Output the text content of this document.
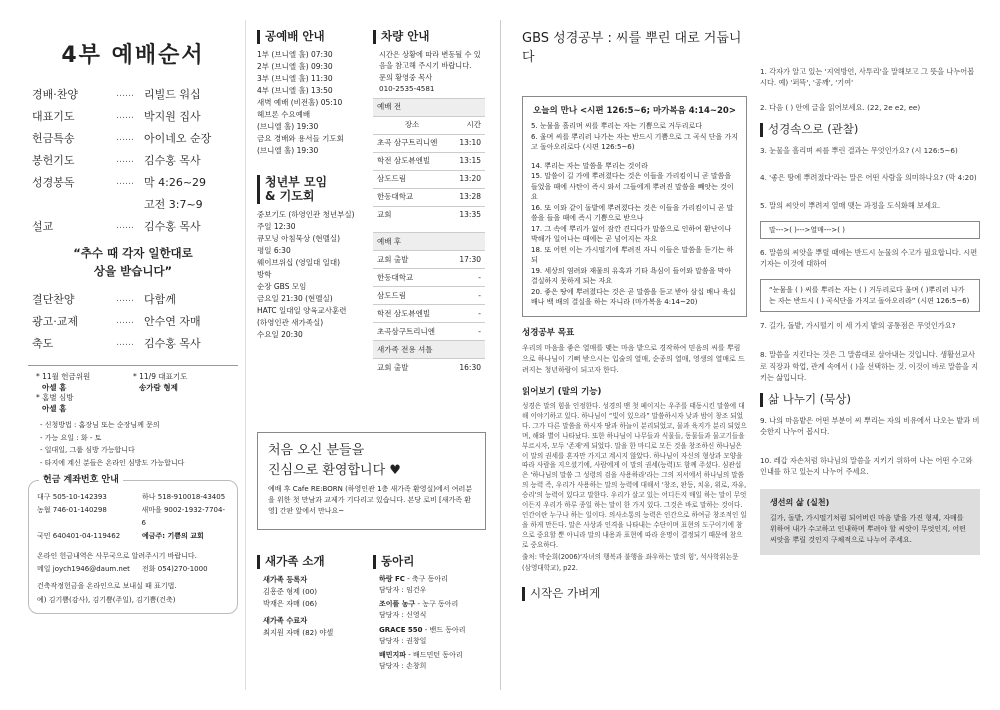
4부 예배순서
경배·찬양	…… 리빌드 워십
대표기도	…… 박지원 집사
헌금특송	…… 아이네오 순장
봉헌기도	…… 김수홍 목사
성경봉독	…… 막 4:26~29
고전 3:7~9
설교	…… 김수홍 목사
“추수 때 각자 일한대로
상을 받습니다”
결단찬양	…… 다함께
광고·교제	…… 안수연 자매
축도	…… 김수홍 목사
* 11월 헌금위원
아셀 홈
* 11/9 대표기도
송가람 형제
* 홈별 심방
아셀 홈
- 신청방법 : 홈장님 또는 순장님께 문의
- 가능 요일 : 화 - 토
- 일대일, 그룹 심방 가능합니다
- 타지에 계신 분들은 온라인 심방도 가능합니다
헌금 계좌번호 안내
대구 505-10-142393	하나 518-910018-43405
농협 746-01-140298	새마을 9002-1932-7704-6
국민 640401-04-119462	예금주: 기쁨의 교회
온라인 헌금내역은 사무국으로 알려주시기 바랍니다.
메일 joych1946@daum.net	전화 054)270-1000
건축작정헌금을 온라인으로 보내실 때 표기법.
예) 김기쁨(감사), 김기쁨(주일), 김기쁨(건축)
공예배 안내
1부 (브니엘 홀) 07:30
2부 (브니엘 홀) 09:30
3부 (브니엘 홀) 11:30
4부 (브니엘 홀) 13:50
새벽 예배 (비전홀) 05:10
헤브론 수요예배
(브니엘 홀) 19:30
금요 경배와 용서들 기도회
(브니엘 홀) 19:30
청년부 모임
& 기도회
중보기도 (하영인관 청년부실)
주일 12:30
큐모닝 아침묵상 (현멜실)
평일 6:30
웨이브위십 (영일대 일대)
방학
순장 GBS 모임
금요일 21:30 (현멜실)
HATC 일대일 양육교사훈련
(하영인관 새가족실)
수요일 20:30
차량 안내
시간은 상황에 따라 변동될 수 있음을 참고해 주시기 바랍니다.
문의 황영중 목사
010-2535-4581
예배 전	
장소	시간
초곡 삼구트리니엔	13:10
학전 삼도뷰엔빌	13:15
삼도드림	13:20
한동대학교	13:28
교회	13:35
예배 후	
교회 출발	17:30
한동대학교	-
삼도드림	-
학전 삼도뷰엔빌	-
초곡삼구트리니엔	-
새가족 전용 셔틀	
교회 출발	16:30
처음 오신 분들을
진심으로 환영합니다 ♥
예배 후 Cafe RE:BORN (하영인관 1층 새가족 환영실)에서 여러분을 위한 첫 만남과 교제가 기다리고 있습니다. 본당 로비 [새가족 환영] 간판 앞에서 만나요~
새가족 소개
새가족 등록자
김흥준 형제 (00)
박재은 자매 (06)
새가족 수료자
최지원 자매 (82) 야셀
동아리
하랑 FC - 축구 동아리
담당자 : 임건우
조이풀 농구 - 농구 동아리
담당자 : 신영식
GRACE 550 - 밴드 동아리
담당자 : 권창일
배민지파 - 배드민턴 동아리
담당자 : 손창희
GBS 성경공부 : 씨를 뿌린 대로 거둡니다
오늘의 만나 <시편 126:5~6; 마가복음 4:14~20>
5. 눈물을 흘리며 씨를 뿌리는 자는 기쁨으로 거두리로다
6. 울며 씨를 뿌리러 나가는 자는 반드시 기쁨으로 그 곡식 단을 가지고 돌아오리로다 (시편 126:5~6)
14. 뿌리는 자는 말씀을 뿌리는 것이라
15. 말씀이 길 가에 뿌려졌다는 것은 이들을 가리킴이니 곧 말씀을 들었을 때에 사탄이 즉시 와서 그들에게 뿌려진 말씀을 빼앗는 것이요
16. 또 이와 같이 돌밭에 뿌려졌다는 것은 이들을 가리킴이니 곧 말씀을 들을 때에 즉시 기쁨으로 받으나
17. 그 속에 뿌리가 없어 잠깐 견디다가 말씀으로 인하여 환난이나 박해가 일어나는 때에는 곧 넘어지는 자요
18. 또 어떤 이는 가시떨기에 뿌려진 자니 이들은 말씀을 듣기는 하되
19. 세상의 염려와 재물의 유혹과 기타 욕심이 들어와 말씀을 막아 결실하지 못하게 되는 자요
20. 좋은 땅에 뿌려졌다는 것은 곧 말씀을 듣고 받아 삼십 배나 육십 배나 백 배의 결실을 하는 자니라 (마가복음 4:14~20)
성경공부 목표
우리의 마음을 좋은 열매를 맺는 마음 밭으로 경작하여 믿음의 씨를 뿌림으로 하나님이 기뻐 받으시는 입술의 열매, 순종의 열매, 영생의 열매로 드려지는 청년하람이 되고자 한다.
읽어보기 (말의 기능)
성경은 말의 힘을 인정한다. 성경의 맨 첫 페이지는 우주를 태동시킨 말씀에 대해 이야기하고 있다. 하나님이 “빛이 있으라” 말씀하시자 낮과 밤이 창조 되었다. 그가 다른 말씀을 하시자 땅과 하늘이 분리되었고, 물과 육지가 분리 되었으며, 해와 별이 나타났다. 또한 하나님이 나무들과 식물들, 동물들과 물고기들을 부르시자, 모두 '존재'케 되었다. 말을 한 마디로 모든 것을 창조하신 하나님은 이 말의 권세를 혼자만 가지고 계시지 않았다. 하나님이 자신의 형상과 모양을 따라 사람을 지으셨기에, 사람에게 이 말의 권세(능력)도 함께 주셨다. 심관섭은 '하나님의 말씀 그 성령의 검을 사용하라'라는 그의 저서에서 하나님의 말씀의 능력 즉, 우리가 사용하는 말의 능력에 대해서 '창조, 판등, 치유, 위로, 자유, 승리'의 능력이 있다고 말한다. 우리가 살고 있는 어디든지 매일 하는 말이 무엇이든지 우리가 하루 종일 하는 말이 한 가지 있다. 그것은 바로 말하는 것이다. 인간이란 누구나 하는 일이다. 의사소통의 능력은 인간으로 하여금 창조적인 일을 하게 만든다. 말은 사상과 인격을 나타내는 수단이며 표현의 도구이기에 참으로 중요할 뿐 아니라 말의 내용과 표현에 따라 운명이 결정되기 때문에 참으로 중요하다.
출처: 박순희(2006)'자녀의 행복과 불행을 좌우하는 말의 힘', 석사학위논문(삼영대학교), p22.
시작은 가벼게
1. 각자가 알고 있는 '지역방언, 사투리'을 말해보고 그 뜻을 나누어봅시다. 예) '퍼뜩', '공깨', '기여'
2. 다음 ( ) 안에 글을 읽어보세요. (22, 2e e2, ee)
성경속으로 (관찰)
3. 눈물을 흘리며 씨를 뿌린 결과는 무엇인가요? (시 126:5~6)
4. '좋은 땅에 뿌려졌다'라는 말은 어떤 사람을 의미하나요? (막 4:20)
5. 말의 씨앗이 뿌려져 열매 맺는 과정을 도식화해 보세요.
말--->( )--->열매--->( )
6. 말씀의 씨앗을 뿌릴 때에는 반드시 눈물의 수고가 필요합니다. 시편 기자는 이것에 대하여
“눈물을 ( ) 씨를 뿌리는 자는 ( ) 거두리로다 울며 ( )뿌리러 나가는 자는 반드시 ( ) 곡식단을 가지고 돌아오리라” (시편 126:5~6)
7. 길가, 돌밭, 가시떨기 이 세 가지 밭의 공통점은 무엇인가요?
8. 말씀을 지킨다는 것은 그 말씀대로 살아내는 것입니다. 생활선교사로 직장과 학업, 관계 속에서 ( )을 선택하는 것. 이것이 바로 말씀을 지키는 삶입니다.
삶 나누기 (묵상)
9. 나의 마음밭은 어떤 부분이 씨 뿌리는 자의 비유에서 나오는 밭과 비슷한지 나누어 봅시다.
10. 레갑 자손처럼 하나님의 말씀을 지키기 위하여 나는 어떤 수고와 인내를 하고 있는지 나누어 주세요.
생선의 삶 (실천)
길가, 돌밭, 가시떨기처럼 되어버린 마음 밭을 가진 형제, 자매를 위하여 내가 수고하고 인내하며 뿌려야 할 씨앗이 무엇인지, 어떤 씨앗을 뿌릴 것인지 구체적으로 나누어 주세요.
